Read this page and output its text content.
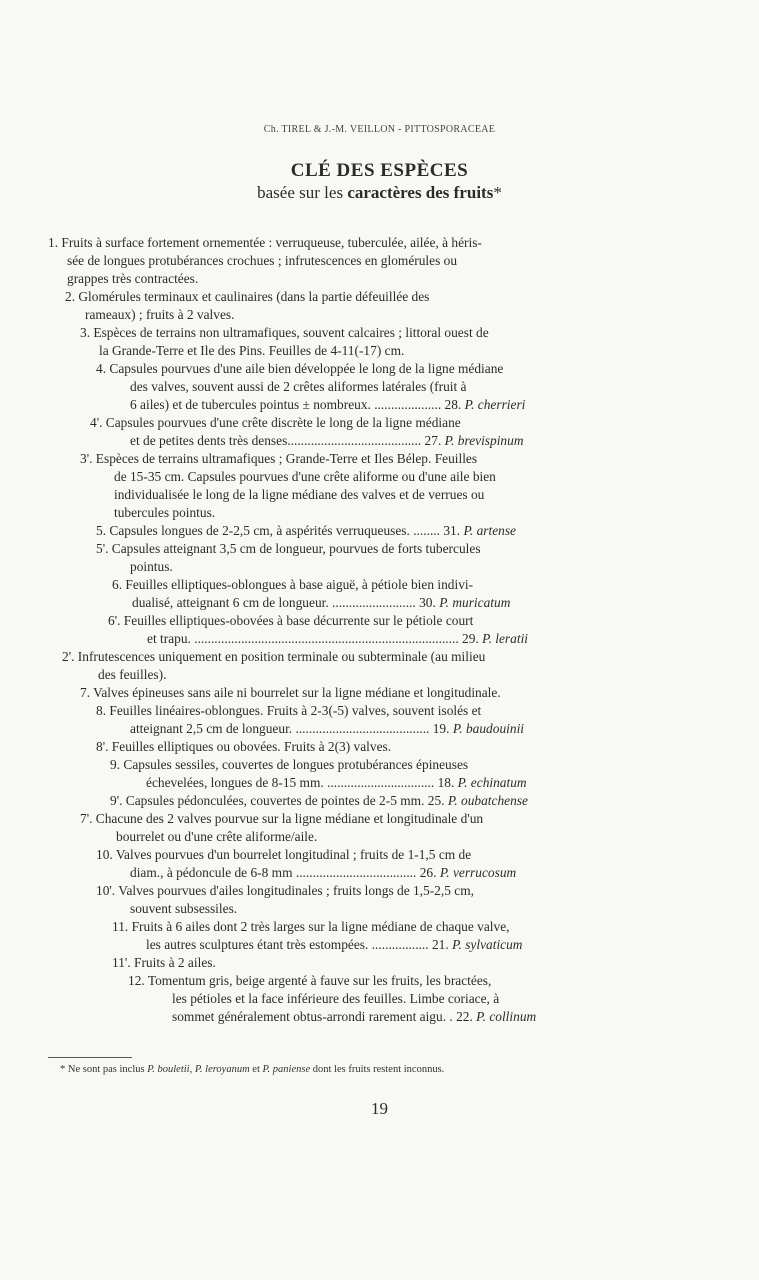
Ch. TIREL & J.-M. VEILLON - PITTOSPORACEAE
CLÉ DES ESPÈCES
basée sur les caractères des fruits*
1. Fruits à surface fortement ornementée : verruqueuse, tuberculée, ailée, à héris-
sée de longues protubérances crochues ; infrutescences en glomérules ou
grappes très contractées.
2. Glomérules terminaux et caulinaires (dans la partie défeuillée des
rameaux) ; fruits à 2 valves.
3. Espèces de terrains non ultramafiques, souvent calcaires ; littoral ouest de
la Grande-Terre et Ile des Pins. Feuilles de 4-11(-17) cm.
4. Capsules pourvues d'une aile bien développée le long de la ligne médiane
des valves, souvent aussi de 2 crêtes aliformes latérales (fruit à
6 ailes) et de tubercules pointus ± nombreux. .................... 28. P. cherrieri
4'. Capsules pourvues d'une crête discrète le long de la ligne médiane
et de petites dents très denses........................................ 27. P. brevispinum
3'. Espèces de terrains ultramafiques ; Grande-Terre et Iles Bélep. Feuilles
de 15-35 cm. Capsules pourvues d'une crête aliforme ou d'une aile bien
individualisée le long de la ligne médiane des valves et de verrues ou
tubercules pointus.
5. Capsules longues de 2-2,5 cm, à aspérités verruqueuses. ........ 31. P. artense
5'. Capsules atteignant 3,5 cm de longueur, pourvues de forts tubercules
pointus.
6. Feuilles elliptiques-oblongues à base aiguë, à pétiole bien indivi-
dualisé, atteignant 6 cm de longueur. ......................... 30. P. muricatum
6'. Feuilles elliptiques-obovées à base décurrente sur le pétiole court
et trapu. ............................................................................... 29. P. leratii
2'. Infrutescences uniquement en position terminale ou subterminale (au milieu
des feuilles).
7. Valves épineuses sans aile ni bourrelet sur la ligne médiane et longitudinale.
8. Feuilles linéaires-oblongues. Fruits à 2-3(-5) valves, souvent isolés et
atteignant 2,5 cm de longueur. ........................................ 19. P. baudouinii
8'. Feuilles elliptiques ou obovées. Fruits à 2(3) valves.
9. Capsules sessiles, couvertes de longues protubérances épineuses
échevelées, longues de 8-15 mm. ................................ 18. P. echinatum
9'. Capsules pédonculées, couvertes de pointes de 2-5 mm. 25. P. oubatchense
7'. Chacune des 2 valves pourvue sur la ligne médiane et longitudinale d'un
bourrelet ou d'une crête aliforme/aile.
10. Valves pourvues d'un bourrelet longitudinal ; fruits de 1-1,5 cm de
diam., à pédoncule de 6-8 mm .................................... 26. P. verrucosum
10'. Valves pourvues d'ailes longitudinales ; fruits longs de 1,5-2,5 cm,
souvent subsessiles.
11. Fruits à 6 ailes dont 2 très larges sur la ligne médiane de chaque valve,
les autres sculptures étant très estompées. ................. 21. P. sylvaticum
11'. Fruits à 2 ailes.
12. Tomentum gris, beige argenté à fauve sur les fruits, les bractées,
les pétioles et la face inférieure des feuilles. Limbe coriace, à
sommet généralement obtus-arrondi rarement aigu. . 22. P. collinum
* Ne sont pas inclus P. bouletii, P. leroyanum et P. paniense dont les fruits restent inconnus.
19
